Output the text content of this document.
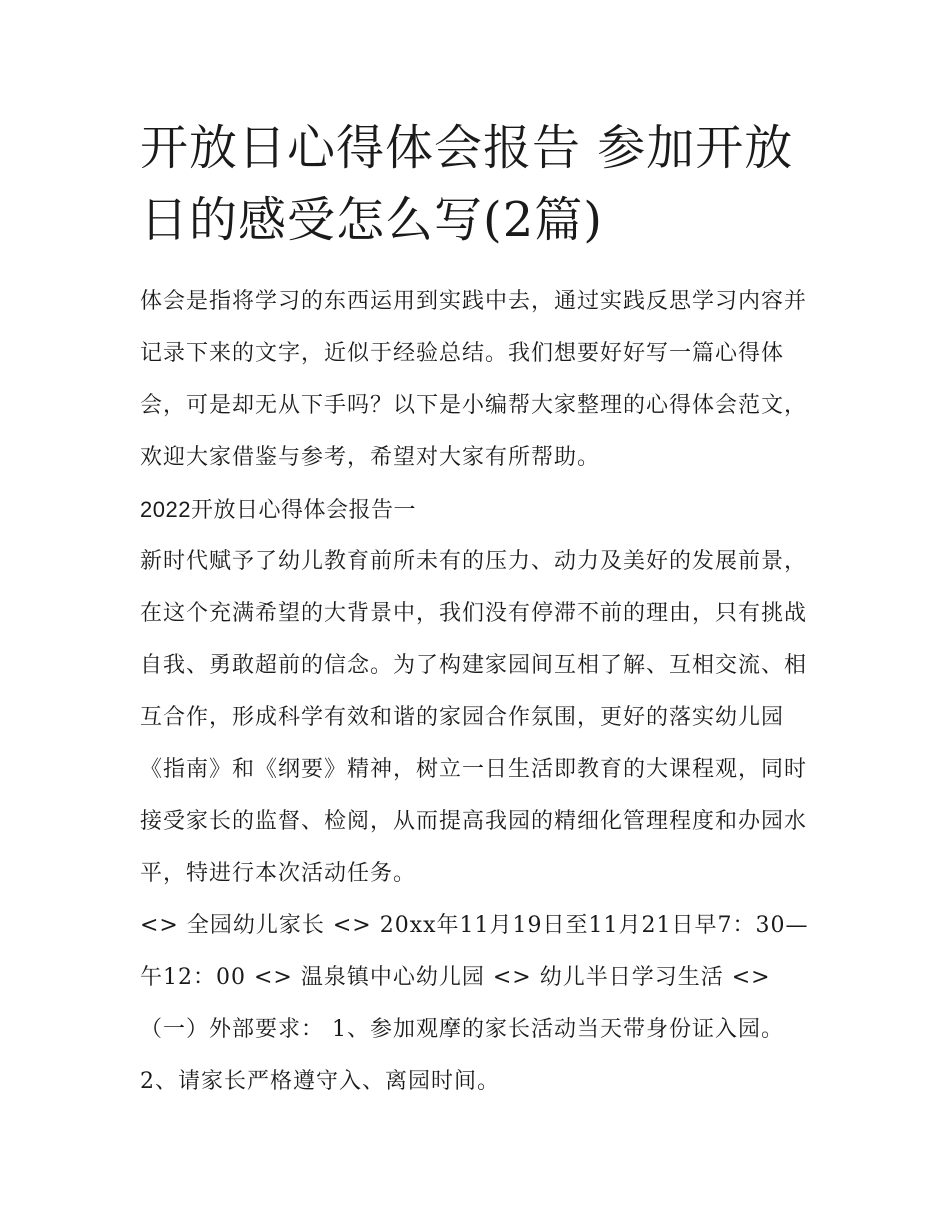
开放日心得体会报告 参加开放日的感受怎么写(2篇)

体会是指将学习的东西运用到实践中去，通过实践反思学习内容并记录下来的文字，近似于经验总结。我们想要好好写一篇心得体会，可是却无从下手吗？以下是小编帮大家整理的心得体会范文，欢迎大家借鉴与参考，希望对大家有所帮助。

2022开放日心得体会报告一

新时代赋予了幼儿教育前所未有的压力、动力及美好的发展前景，在这个充满希望的大背景中，我们没有停滞不前的理由，只有挑战自我、勇敢超前的信念。为了构建家园间互相了解、互相交流、相互合作，形成科学有效和谐的家园合作氛围，更好的落实幼儿园《指南》和《纲要》精神，树立一日生活即教育的大课程观，同时接受家长的监督、检阅，从而提高我园的精细化管理程度和办园水平，特进行本次活动任务。

<> 全园幼儿家长 <> 20xx年11月19日至11月21日早7：30—午12：00 <> 温泉镇中心幼儿园 <> 幼儿半日学习生活 <>

（一）外部要求： 1、参加观摩的家长活动当天带身份证入园。 2、请家长严格遵守入、离园时间。
